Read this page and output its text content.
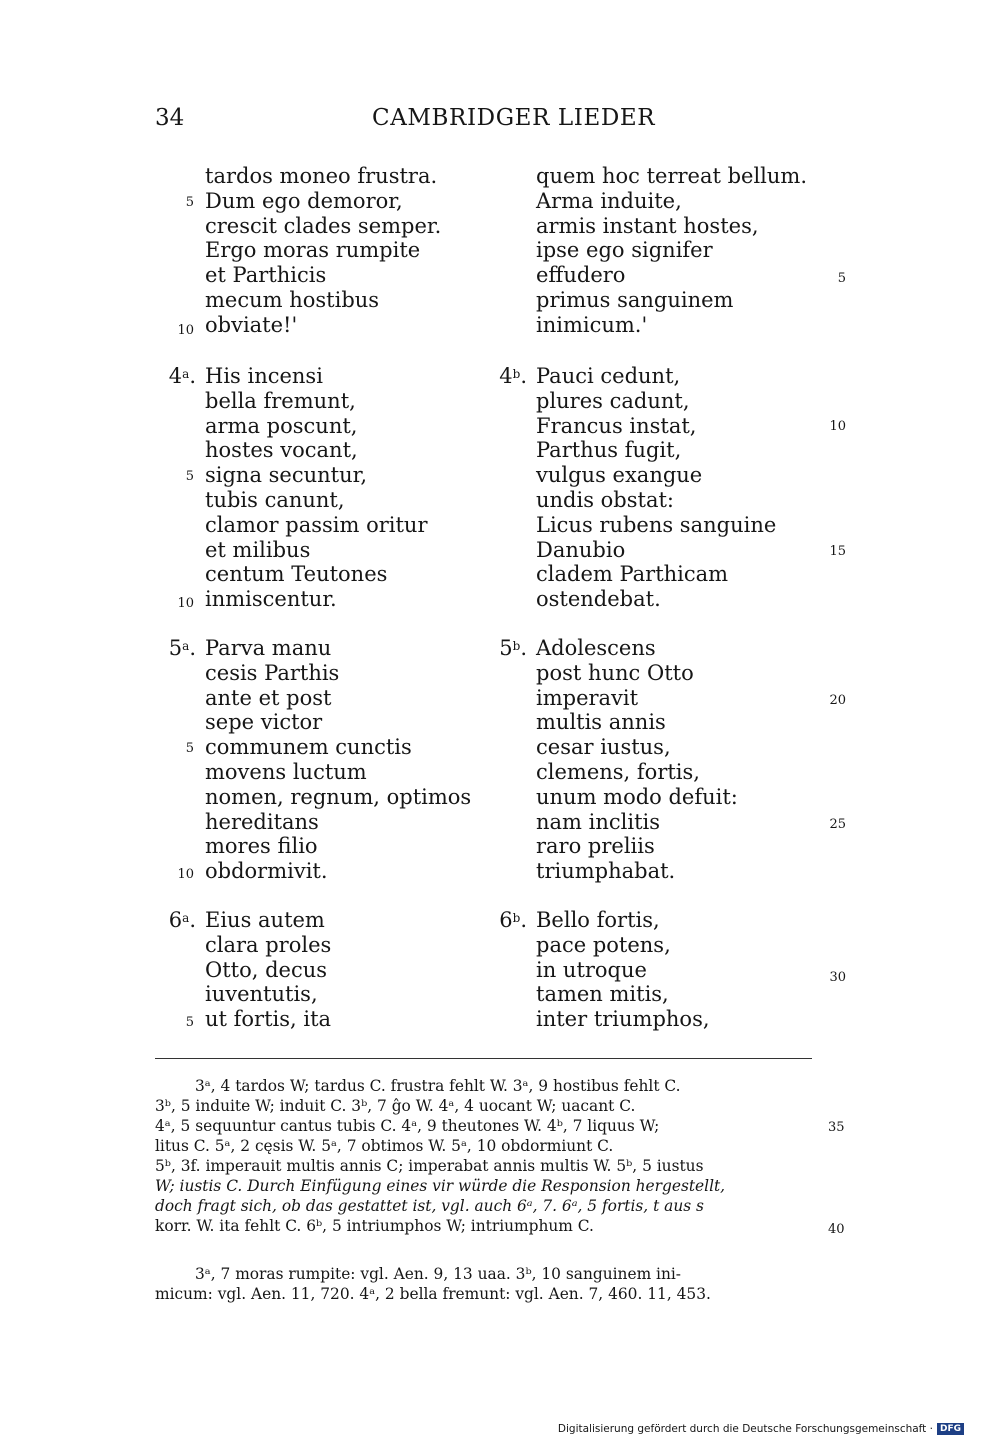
34	CAMBRIDGER LIEDER
tardos moneo frustra.
Dum ego demoror,
crescit clades semper.
Ergo moras rumpite
et Parthicis
mecum hostibus
obviate!'
quem hoc terreat bellum.
Arma induite,
armis instant hostes,
ipse ego signifer
effudero
primus sanguinem
inimicum.'
4$^a$. His incensi
bella fremunt,
arma poscunt,
hostes vocant,
signa secuntur,
tubis canunt,
clamor passim oritur
et milibus
centum Teutones
inmiscentur.
4$^b$. Pauci cedunt,
plures cadunt,
Francus instat,
Parthus fugit,
vulgus exangue
undis obstat:
Licus rubens sanguine
Danubio
cladem Parthicam
ostendebat.
5$^a$. Parva manu
cesis Parthis
ante et post
sepe victor
communem cunctis
movens luctum
nomen, regnum, optimos
hereditans
mores filio
obdormivit.
5$^b$. Adolescens
post hunc Otto
imperavit
multis annis
cesar iustus,
clemens, fortis,
unum modo defuit:
nam inclitis
raro preliis
triumphabat.
6$^a$. Eius autem
clara proles
Otto, decus
iuventutis,
ut fortis, ita
6$^b$. Bello fortis,
pace potens,
in utroque
tamen mitis,
inter triumphos,
5
10
5
10
5
10
5
5
10
15
20
25
30

3ᵃ, 4 tardos W; tardus C. frustra fehlt W. 3ᵃ, 9 hostibus fehlt C.

3ᵇ, 5 induite W; induit C. 3ᵇ, 7 ĝo W. 4ᵃ, 4 uocant W; uacant C.

4ᵃ, 5 sequuntur cantus tubis C. 4ᵃ, 9 theutones W. 4ᵇ, 7 liquus W;

litus C. 5ᵃ, 2 cęsis W. 5ᵃ, 7 obtimos W. 5ᵃ, 10 obdormiunt C.

5ᵇ, 3f. imperauit multis annis C; imperabat annis multis W. 5ᵇ, 5 iustus

W; iustis C. Durch Einfügung eines vir würde die Responsion hergestellt,

doch fragt sich, ob das gestattet ist, vgl. auch 6ᵃ, 7. 6ᵃ, 5 fortis, t aus s

korr. W. ita fehlt C. 6ᵇ, 5 intriumphos W; intriumphum C.

35
40

3ᵃ, 7 moras rumpite: vgl. Aen. 9, 13 uaa. 3ᵇ, 10 sanguinem ini-

micum: vgl. Aen. 11, 720. 4ᵃ, 2 bella fremunt: vgl. Aen. 7, 460. 11, 453.

Digitalisierung gefördert durch die Deutsche Forschungsgemeinschaft · DFG
